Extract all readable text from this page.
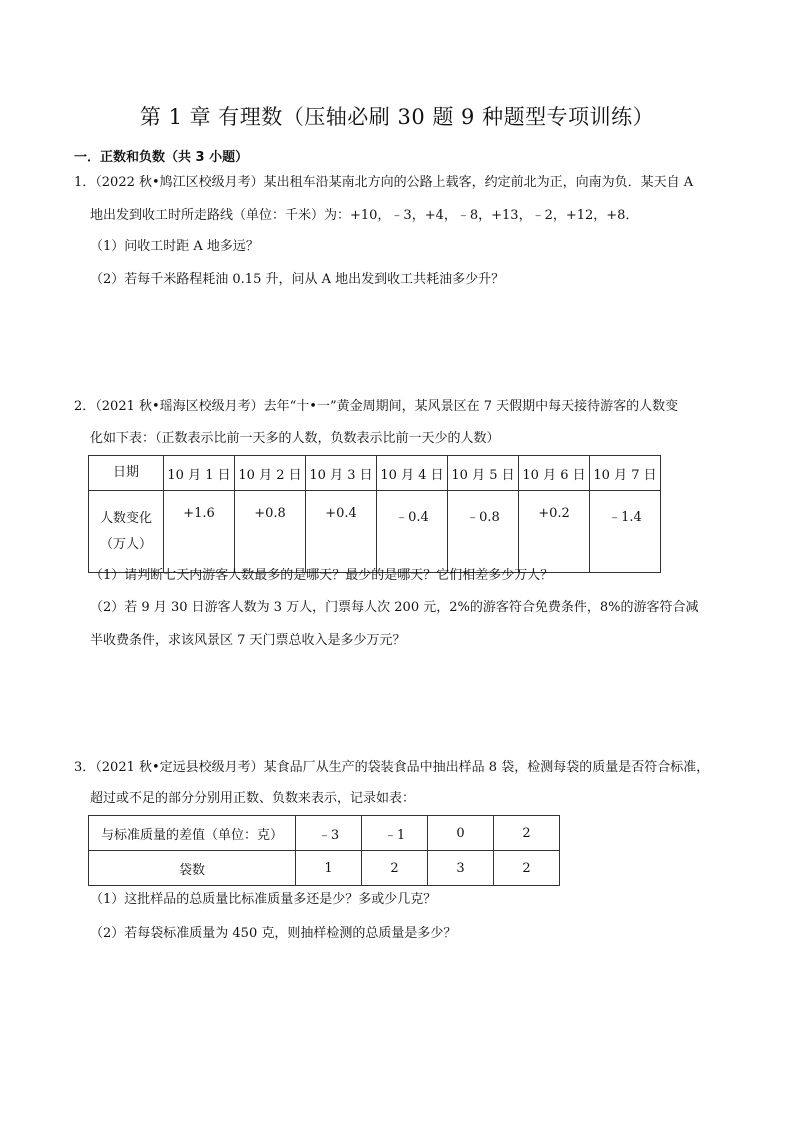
第 1 章 有理数（压轴必刷 30 题 9 种题型专项训练）
一．正数和负数（共 3 小题）
1．（2022 秋•鸠江区校级月考）某出租车沿某南北方向的公路上载客，约定前北为正，向南为负．某天自 A
地出发到收工时所走路线（单位：千米）为：+10，﹣3，+4，﹣8，+13，﹣2，+12，+8．
（1）问收工时距 A 地多远？
（2）若每千米路程耗油 0.15 升，问从 A 地出发到收工共耗油多少升？
2．（2021 秋•瑶海区校级月考）去年“十•一”黄金周期间，某风景区在 7 天假期中每天接待游客的人数变
化如下表：（正数表示比前一天多的人数，负数表示比前一天少的人数）
日期	10 月 1 日	10 月 2 日	10 月 3 日	10 月 4 日	10 月 5 日	10 月 6 日	10 月 7 日

人数变化
（万人）	+1.6	+0.8	+0.4	﹣0.4	﹣0.8	+0.2	﹣1.4
（1）请判断七天内游客人数最多的是哪天？最少的是哪天？它们相差多少万人？
（2）若 9 月 30 日游客人数为 3 万人，门票每人次 200 元，2%的游客符合免费条件，8%的游客符合减
半收费条件，求该风景区 7 天门票总收入是多少万元？
3．（2021 秋•定远县校级月考）某食品厂从生产的袋装食品中抽出样品 8 袋，检测每袋的质量是否符合标准，
超过或不足的部分分别用正数、负数来表示，记录如表：
与标准质量的差值（单位：克）	﹣3	﹣1	0	2
袋数	1	2	3	2
（1）这批样品的总质量比标准质量多还是少？多或少几克？
（2）若每袋标准质量为 450 克，则抽样检测的总质量是多少？
